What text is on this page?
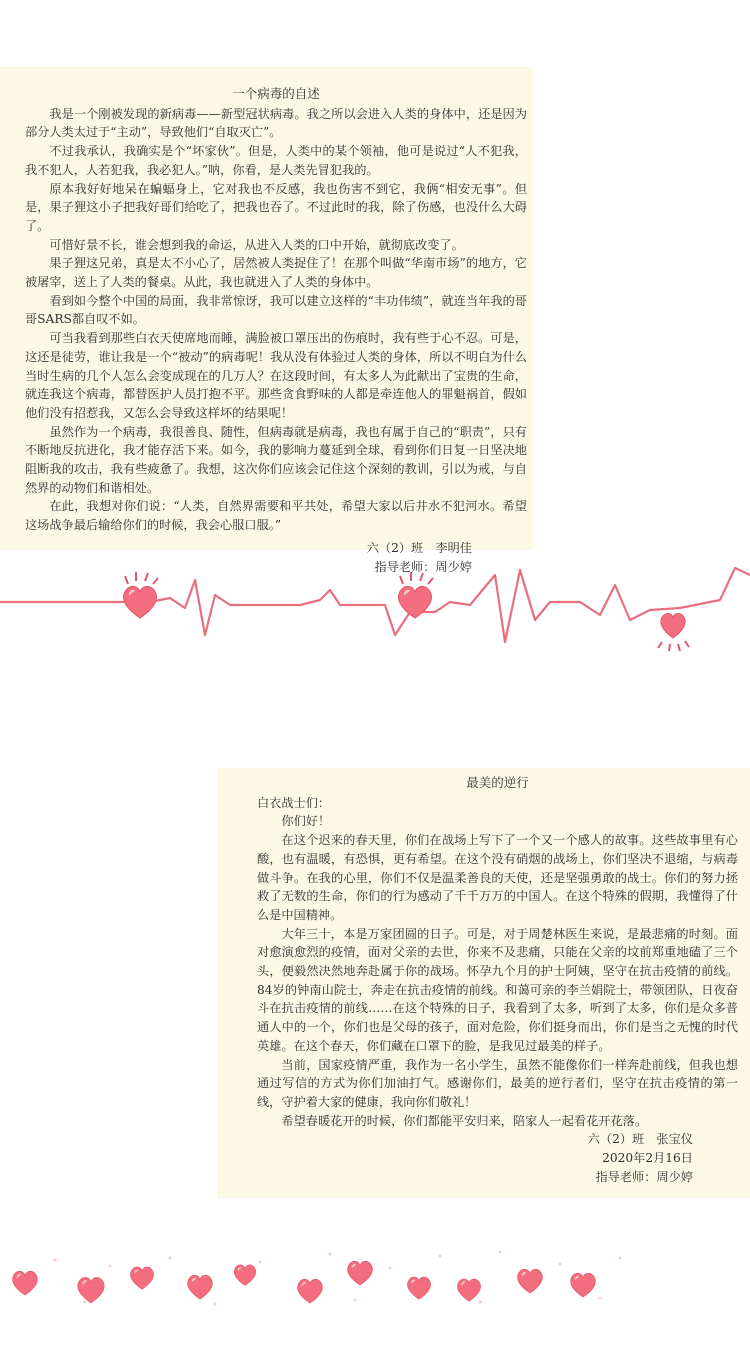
一个病毒的自述

我是一个刚被发现的新病毒——新型冠状病毒。我之所以会进入人类的身体中，还是因为部分人类太过于“主动”，导致他们“自取灭亡”。

不过我承认，我确实是个“坏家伙”。但是，人类中的某个领袖，他可是说过“人不犯我，我不犯人，人若犯我，我必犯人。”呐，你看，是人类先冒犯我的。

原本我好好地呆在蝙蝠身上，它对我也不反感，我也伤害不到它，我俩“相安无事”。但是，果子狸这小子把我好哥们给吃了，把我也吞了。不过此时的我，除了伤感，也没什么大碍了。

可惜好景不长，谁会想到我的命运，从进入人类的口中开始，就彻底改变了。

果子狸这兄弟，真是太不小心了，居然被人类捉住了！在那个叫做“华南市场”的地方，它被屠宰，送上了人类的餐桌。从此，我也就进入了人类的身体中。

看到如今整个中国的局面，我非常惊讶，我可以建立这样的“丰功伟绩”，就连当年我的哥哥SARS都自叹不如。

可当我看到那些白衣天使席地而睡，满脸被口罩压出的伤痕时，我有些于心不忍。可是，这还是徒劳，谁让我是一个“被动”的病毒呢！我从没有体验过人类的身体，所以不明白为什么当时生病的几个人怎么会变成现在的几万人？在这段时间，有太多人为此献出了宝贵的生命，就连我这个病毒，都替医护人员打抱不平。那些贪食野味的人都是牵连他人的罪魁祸首，假如他们没有招惹我，又怎么会导致这样坏的结果呢！

虽然作为一个病毒，我很善良、随性，但病毒就是病毒，我也有属于自己的“职责”，只有不断地反抗进化，我才能存活下来。如今，我的影响力蔓延到全球，看到你们日复一日坚决地阻断我的攻击，我有些疲惫了。我想，这次你们应该会记住这个深刻的教训，引以为戒，与自然界的动物们和谐相处。

在此，我想对你们说：“人类，自然界需要和平共处，希望大家以后井水不犯河水。希望这场战争最后输给你们的时候，我会心服口服。”

六（2）班　李明佳

指导老师：周少婷

最美的逆行

白衣战士们：

你们好！

在这个迟来的春天里，你们在战场上写下了一个又一个感人的故事。这些故事里有心酸，也有温暖，有恐惧，更有希望。在这个没有硝烟的战场上，你们坚决不退缩，与病毒做斗争。在我的心里，你们不仅是温柔善良的天使，还是坚强勇敢的战士。你们的努力拯救了无数的生命，你们的行为感动了千千万万的中国人。在这个特殊的假期，我懂得了什么是中国精神。

大年三十，本是万家团圆的日子。可是，对于周楚林医生来说，是最悲痛的时刻。面对愈演愈烈的疫情，面对父亲的去世，你来不及悲痛，只能在父亲的坟前郑重地磕了三个头，便毅然决然地奔赴属于你的战场。怀孕九个月的护士阿姨，坚守在抗击疫情的前线。84岁的钟南山院士，奔走在抗击疫情的前线。和蔼可亲的李兰娟院士，带领团队，日夜奋斗在抗击疫情的前线……在这个特殊的日子，我看到了太多，听到了太多，你们是众多普通人中的一个，你们也是父母的孩子，面对危险，你们挺身而出，你们是当之无愧的时代英雄。在这个春天，你们藏在口罩下的脸，是我见过最美的样子。

当前，国家疫情严重，我作为一名小学生，虽然不能像你们一样奔赴前线，但我也想通过写信的方式为你们加油打气。感谢你们，最美的逆行者们，坚守在抗击疫情的第一线，守护着大家的健康，我向你们敬礼！

希望春暖花开的时候，你们都能平安归来，陪家人一起看花开花落。

六（2）班　张宝仪

2020年2月16日

指导老师：周少婷
